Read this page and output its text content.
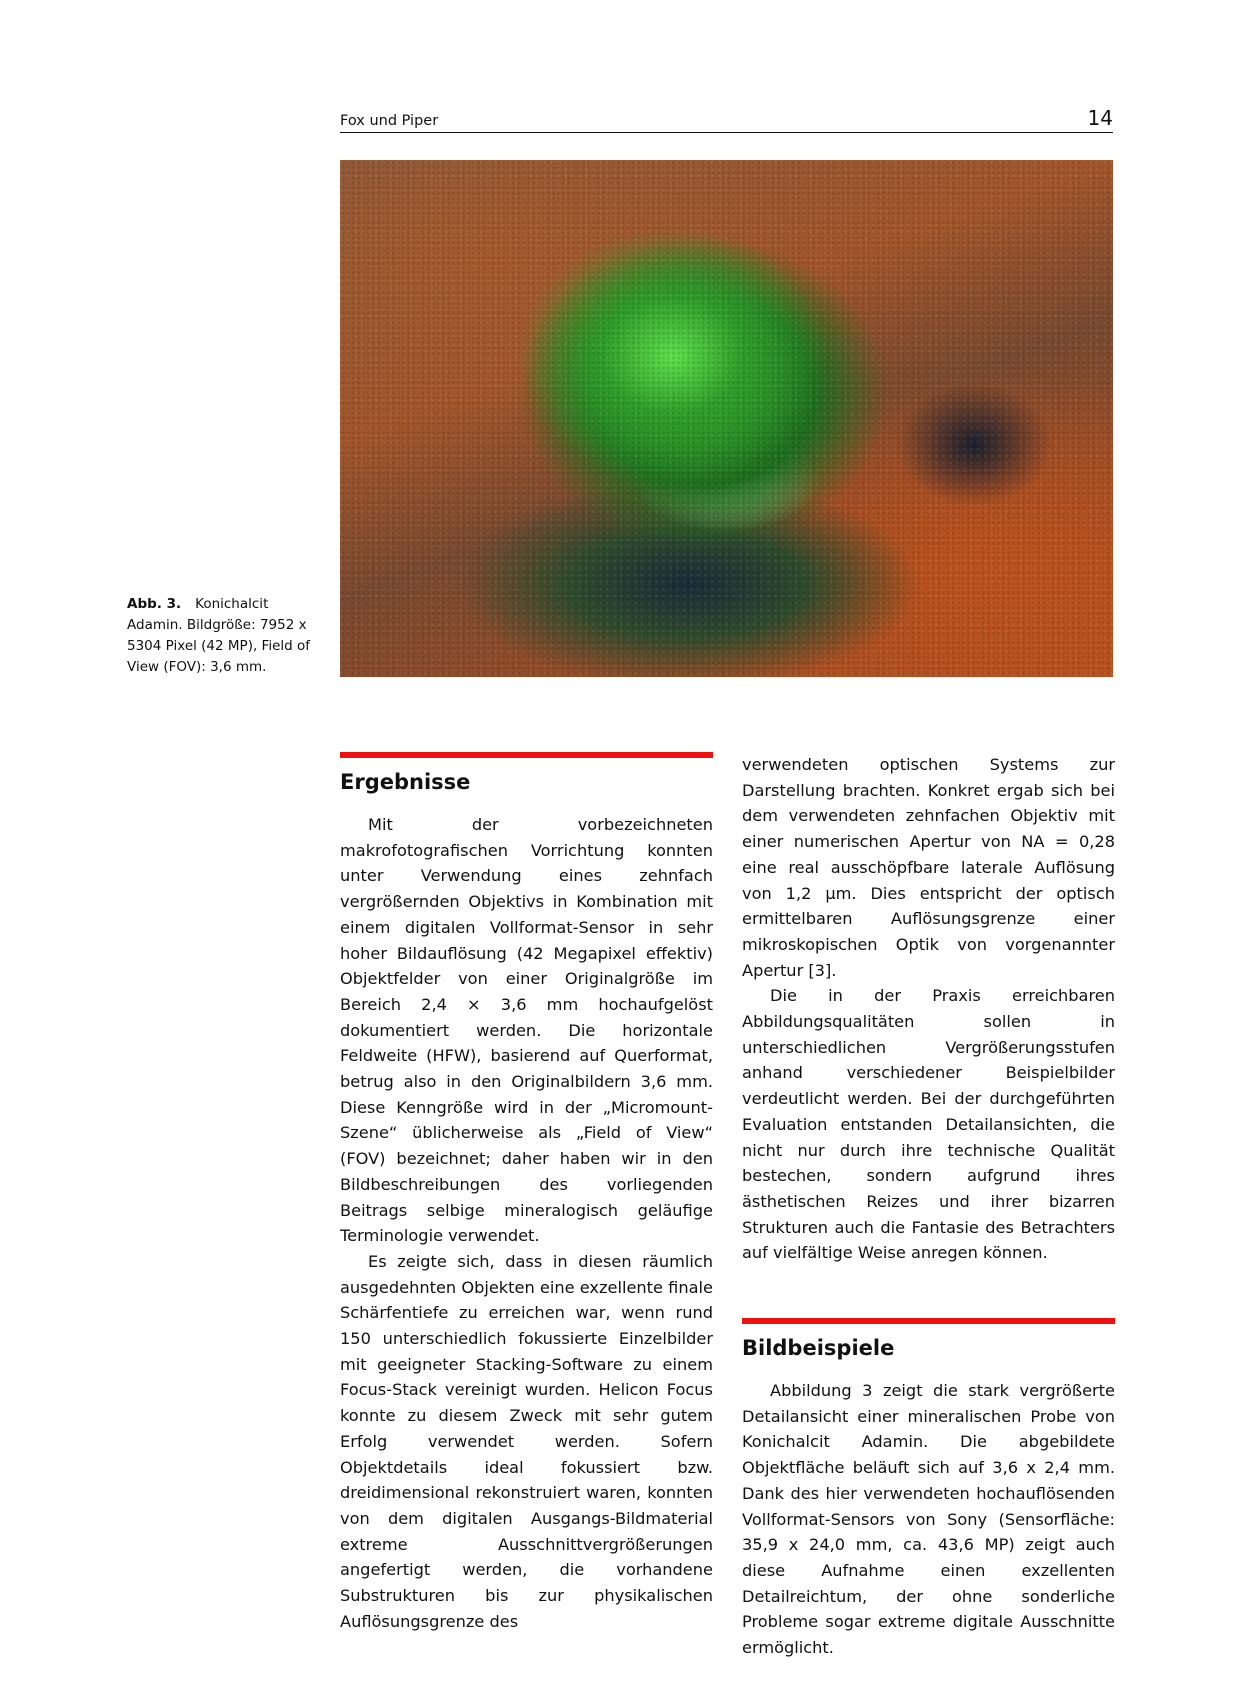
Fox und Piper	14
Abb. 3. Konichalcit Adamin. Bildgröße: 7952 x 5304 Pixel (42 MP), Field of View (FOV): 3,6 mm.
Ergebnisse

Mit der vorbezeichneten makrofotografischen Vorrichtung konnten unter Verwendung eines zehnfach vergrößernden Objektivs in Kombination mit einem digitalen Vollformat-Sensor in sehr hoher Bildauflösung (42 Megapixel effektiv) Objektfelder von einer Originalgröße im Bereich 2,4 × 3,6 mm hochaufgelöst dokumentiert werden. Die horizontale Feldweite (HFW), basierend auf Querformat, betrug also in den Originalbildern 3,6 mm. Diese Kenngröße wird in der „Micromount-Szene“ üblicherweise als „Field of View“ (FOV) bezeichnet; daher haben wir in den Bildbeschreibungen des vorliegenden Beitrags selbige mineralogisch geläufige Terminologie verwendet.

Es zeigte sich, dass in diesen räumlich ausgedehnten Objekten eine exzellente finale Schärfentiefe zu erreichen war, wenn rund 150 unterschiedlich fokussierte Einzelbilder mit geeigneter Stacking-Software zu einem Focus-Stack vereinigt wurden. Helicon Focus konnte zu diesem Zweck mit sehr gutem Erfolg verwendet werden. Sofern Objektdetails ideal fokussiert bzw. dreidimensional rekonstruiert waren, konnten von dem digitalen Ausgangs-Bildmaterial extreme Ausschnittvergrößerungen angefertigt werden, die vorhandene Substrukturen bis zur physikalischen Auflösungsgrenze des

verwendeten optischen Systems zur Darstellung brachten. Konkret ergab sich bei dem verwendeten zehnfachen Objektiv mit einer numerischen Apertur von NA = 0,28 eine real ausschöpfbare laterale Auflösung von 1,2 µm. Dies entspricht der optisch ermittelbaren Auflösungsgrenze einer mikroskopischen Optik von vorgenannter Apertur [3].

Die in der Praxis erreichbaren Abbildungsqualitäten sollen in unterschiedlichen Vergrößerungsstufen anhand verschiedener Beispielbilder verdeutlicht werden. Bei der durchgeführten Evaluation entstanden Detailansichten, die nicht nur durch ihre technische Qualität bestechen, sondern aufgrund ihres ästhetischen Reizes und ihrer bizarren Strukturen auch die Fantasie des Betrachters auf vielfältige Weise anregen können.

Bildbeispiele

Abbildung 3 zeigt die stark vergrößerte Detailansicht einer mineralischen Probe von Konichalcit Adamin. Die abgebildete Objektfläche beläuft sich auf 3,6 x 2,4 mm. Dank des hier verwendeten hochauflösenden Vollformat-Sensors von Sony (Sensorfläche: 35,9 x 24,0 mm, ca. 43,6 MP) zeigt auch diese Aufnahme einen exzellenten Detailreichtum, der ohne sonderliche Probleme sogar extreme digitale Ausschnitte ermöglicht.
